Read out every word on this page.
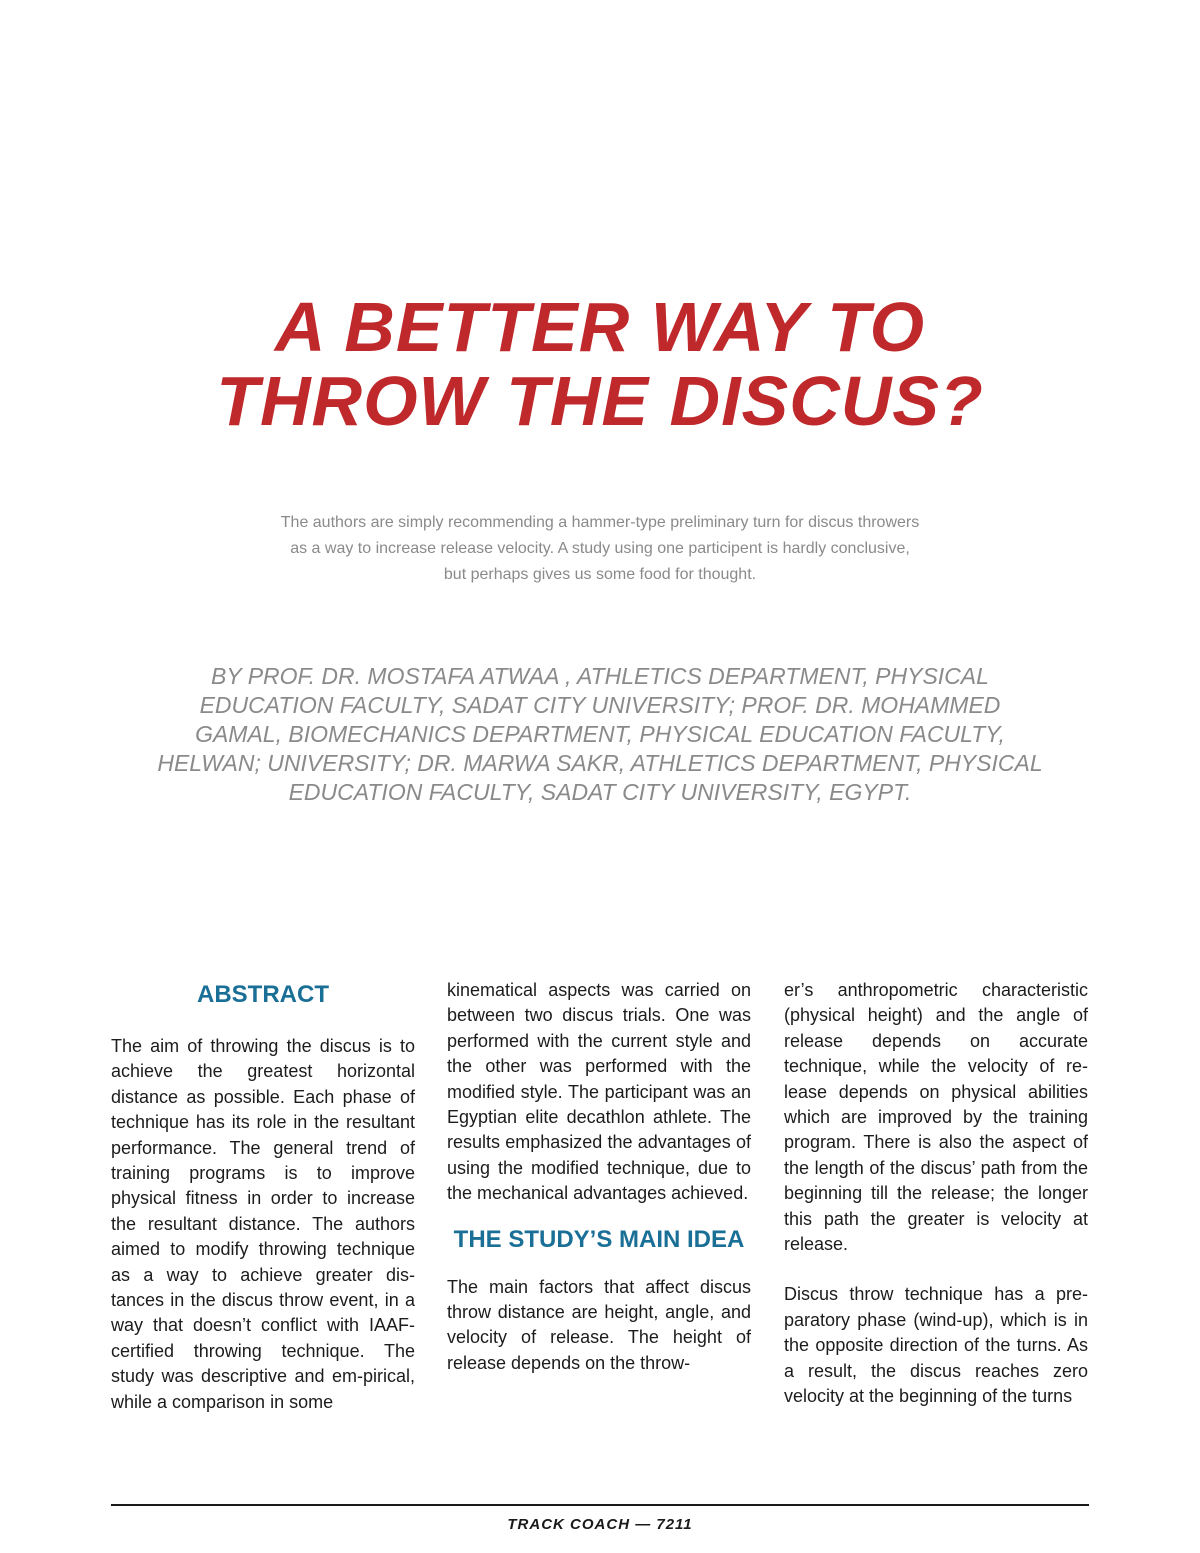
A BETTER WAY TO
THROW THE DISCUS?

The authors are simply recommending a hammer-type preliminary turn for discus throwers as a way to increase release velocity. A study using one participent is hardly conclusive, but perhaps gives us some food for thought.

BY PROF. DR. MOSTAFA ATWAA , ATHLETICS DEPARTMENT, PHYSICAL
EDUCATION FACULTY, SADAT CITY UNIVERSITY; PROF. DR. MOHAMMED
GAMAL, BIOMECHANICS DEPARTMENT, PHYSICAL EDUCATION FACULTY,
HELWAN; UNIVERSITY; DR. MARWA SAKR, ATHLETICS DEPARTMENT, PHYSICAL
EDUCATION FACULTY, SADAT CITY UNIVERSITY, EGYPT.
ABSTRACT

The aim of throwing the discus is to achieve the greatest horizontal distance as possible. Each phase of technique has its role in the resultant performance. The general trend of training programs is to improve physical fitness in order to increase the resultant distance. The authors aimed to modify throwing technique as a way to achieve greater dis-tances in the discus throw event, in a way that doesn’t conflict with IAAF-certified throwing technique. The study was descriptive and em-pirical, while a comparison in some

kinematical aspects was carried on between two discus trials. One was performed with the current style and the other was performed with the modified style. The participant was an Egyptian elite decathlon athlete. The results emphasized the advantages of using the modified technique, due to the mechanical advantages achieved.

THE STUDY’S MAIN IDEA

The main factors that affect discus throw distance are height, angle, and velocity of release. The height of release depends on the throw-

er’s anthropometric characteristic (physical height) and the angle of release depends on accurate technique, while the velocity of re-lease depends on physical abilities which are improved by the training program. There is also the aspect of the length of the discus’ path from the beginning till the release; the longer this path the greater is velocity at release.

Discus throw technique has a pre-paratory phase (wind-up), which is in the opposite direction of the turns. As a result, the discus reaches zero velocity at the beginning of the turns

TRACK COACH — 7211
